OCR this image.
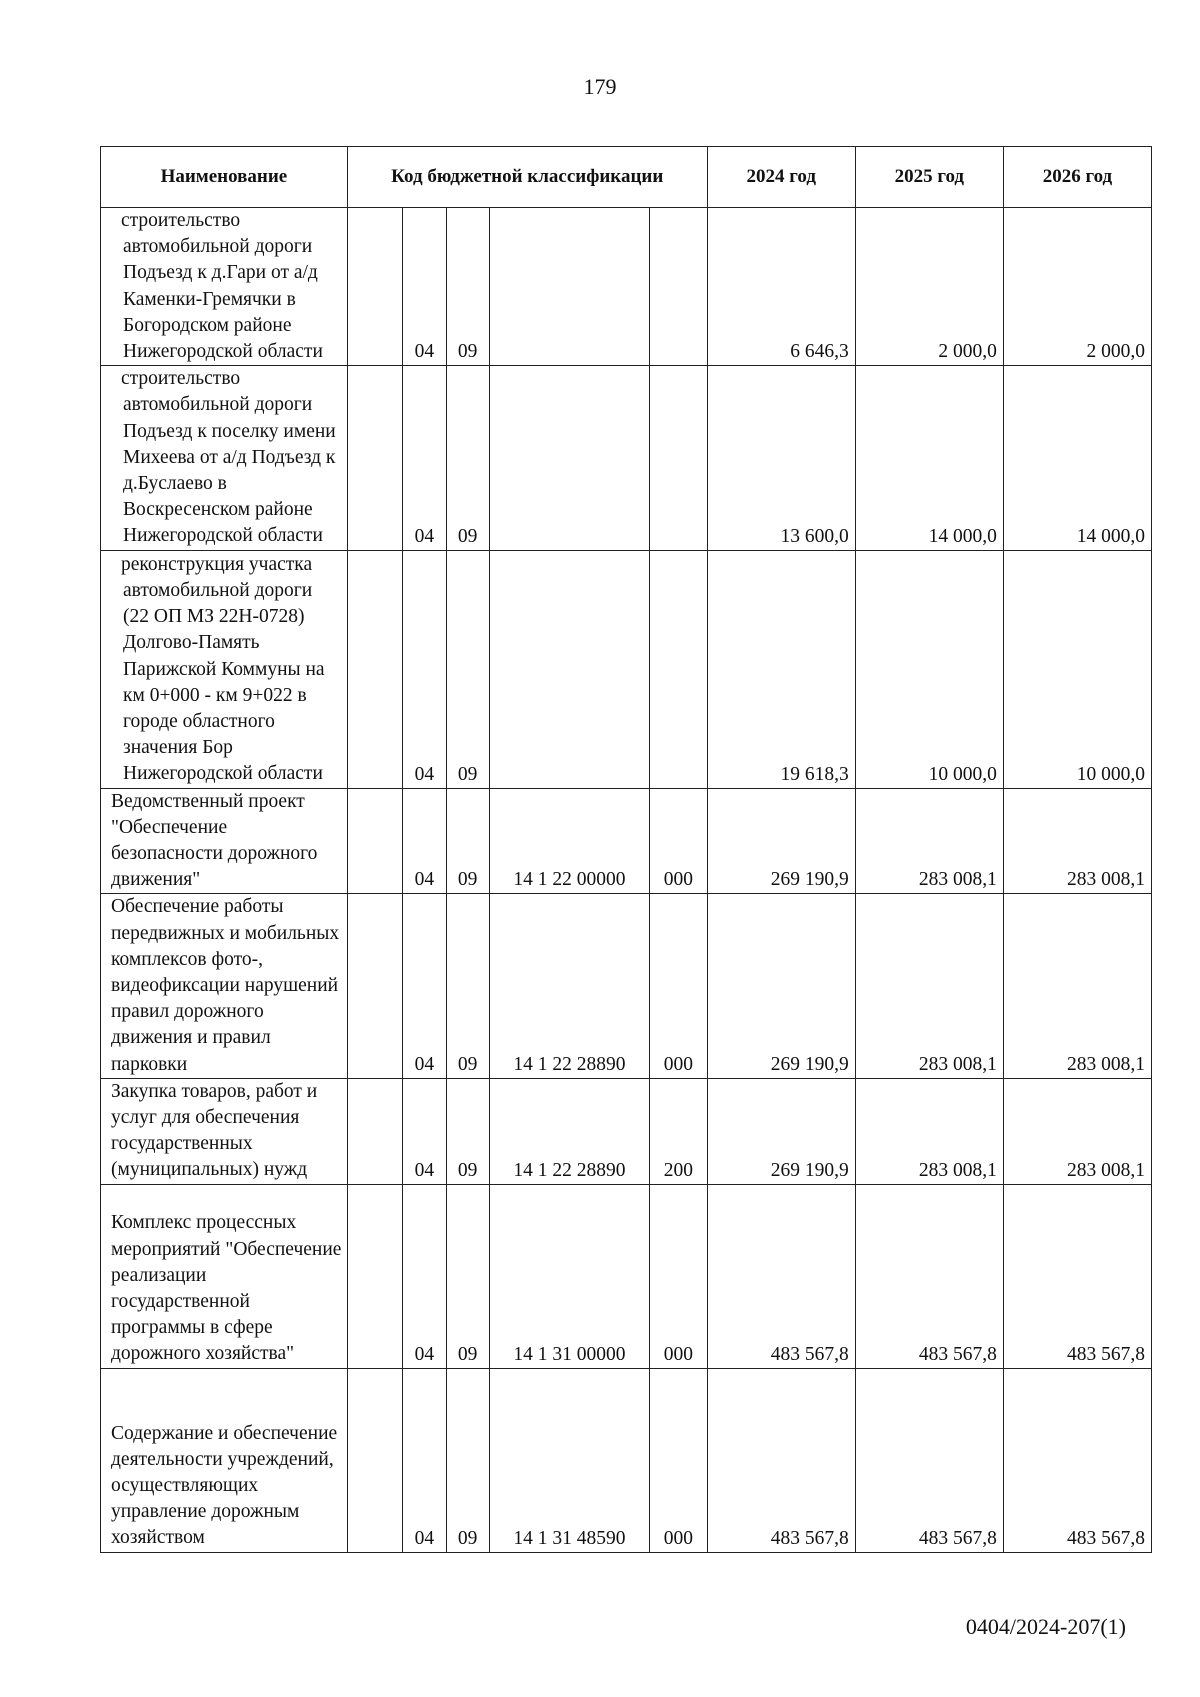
179
Наименование	Код бюджетной классификации					2024 год	2025 год	2026 год
строительство автомобильной дороги Подъезд к д.Гари от а/д Каменки-Гремячки в Богородском районе Нижегородской области		04	09			6 646,3	2 000,0	2 000,0
строительство автомобильной дороги Подъезд к поселку имени Михеева от а/д Подъезд к д.Буслаево в Воскресенском районе Нижегородской области		04	09			13 600,0	14 000,0	14 000,0
реконструкция участка автомобильной дороги (22 ОП МЗ 22Н-0728) Долгово-Память Парижской Коммуны на км 0+000 - км 9+022 в городе областного значения Бор Нижегородской области		04	09			19 618,3	10 000,0	10 000,0
Ведомственный проект "Обеспечение безопасности дорожного движения"		04	09	14 1 22 00000	000	269 190,9	283 008,1	283 008,1
Обеспечение работы передвижных и мобильных комплексов фото-, видеофиксации нарушений правил дорожного движения и правил парковки		04	09	14 1 22 28890	000	269 190,9	283 008,1	283 008,1
Закупка товаров, работ и услуг для обеспечения государственных (муниципальных) нужд		04	09	14 1 22 28890	200	269 190,9	283 008,1	283 008,1
Комплекс процессных мероприятий "Обеспечение реализации государственной программы в сфере дорожного хозяйства"		04	09	14 1 31 00000	000	483 567,8	483 567,8	483 567,8
Содержание и обеспечение деятельности учреждений, осуществляющих управление дорожным хозяйством		04	09	14 1 31 48590	000	483 567,8	483 567,8	483 567,8
0404/2024-207(1)
